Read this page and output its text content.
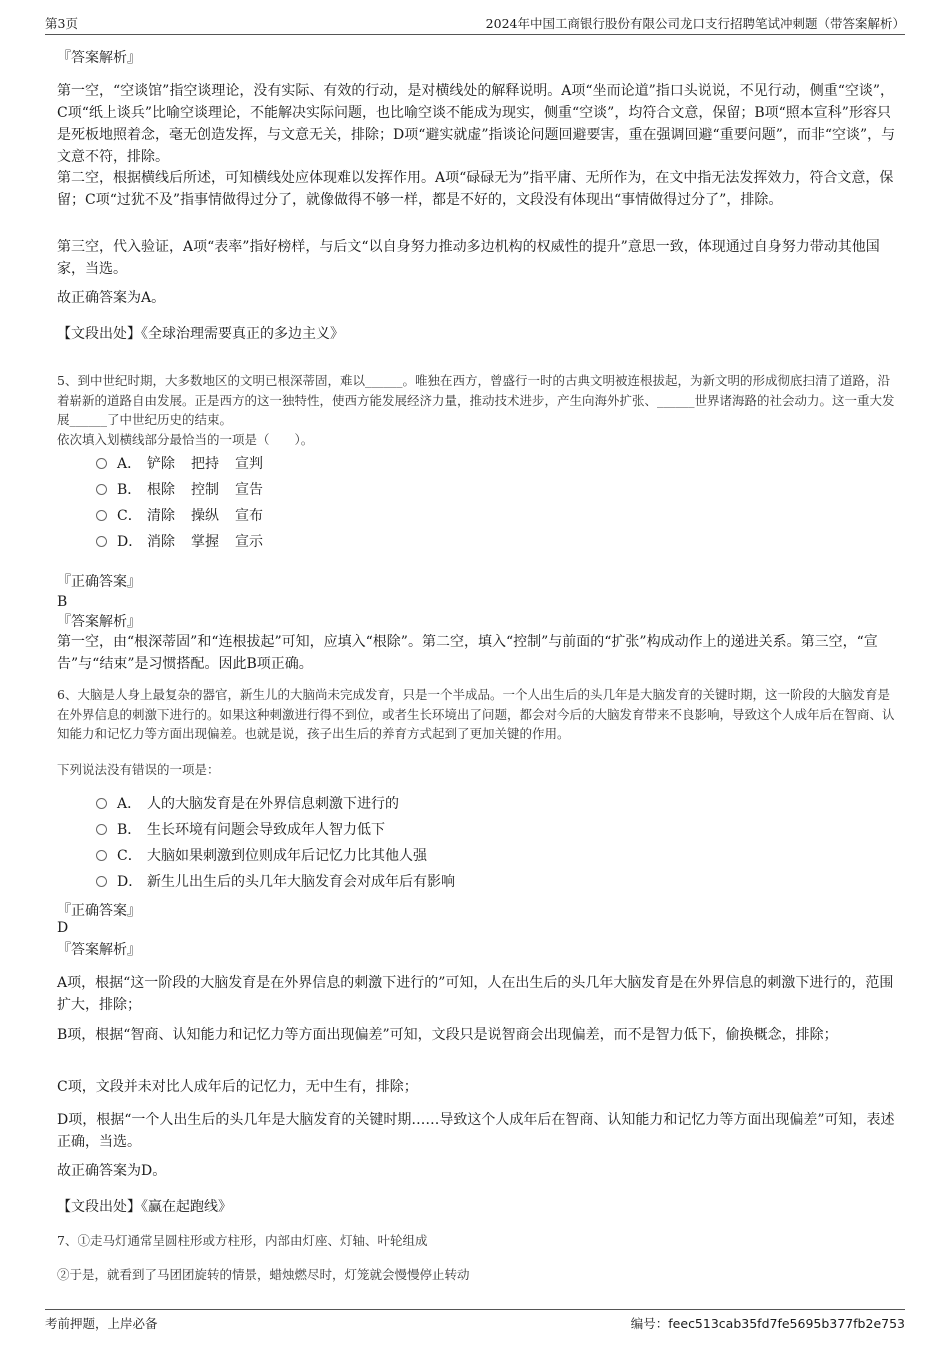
第3页	2024年中国工商银行股份有限公司龙口支行招聘笔试冲刺题（带答案解析）

『答案解析』

第一空，“空谈馆”指空谈理论，没有实际、有效的行动，是对横线处的解释说明。A项“坐而论道”指口头说说，不见行动，侧重“空谈”，C项“纸上谈兵”比喻空谈理论，不能解决实际问题，也比喻空谈不能成为现实，侧重“空谈”，均符合文意，保留；B项“照本宣科”形容只是死板地照着念，毫无创造发挥，与文意无关，排除；D项“避实就虚”指谈论问题回避要害，重在强调回避“重要问题”，而非“空谈”，与文意不符，排除。

第二空，根据横线后所述，可知横线处应体现难以发挥作用。A项“碌碌无为”指平庸、无所作为，在文中指无法发挥效力，符合文意，保留；C项“过犹不及”指事情做得过分了，就像做得不够一样，都是不好的，文段没有体现出“事情做得过分了”，排除。

第三空，代入验证，A项“表率”指好榜样，与后文“以自身努力推动多边机构的权威性的提升”意思一致，体现通过自身努力带动其他国家，当选。

故正确答案为A。

【文段出处】《全球治理需要真正的多边主义》

5、到中世纪时期，大多数地区的文明已根深蒂固，难以______。唯独在西方，曾盛行一时的古典文明被连根拔起，为新文明的形成彻底扫清了道路，沿着崭新的道路自由发展。正是西方的这一独特性，使西方能发展经济力量，推动技术进步，产生向海外扩张、______世界诸海路的社会动力。这一重大发展______了中世纪历史的结束。

依次填入划横线部分最恰当的一项是（　　）。

A． 铲除 把持 宣判
B． 根除 控制 宣告
C． 清除 操纵 宣布
D． 消除 掌握 宣示
『正确答案』
B
『答案解析』

第一空，由“根深蒂固”和“连根拔起”可知，应填入“根除”。第二空，填入“控制”与前面的“扩张”构成动作上的递进关系。第三空，“宣告”与“结束”是习惯搭配。因此B项正确。

6、大脑是人身上最复杂的器官，新生儿的大脑尚未完成发育，只是一个半成品。一个人出生后的头几年是大脑发育的关键时期，这一阶段的大脑发育是在外界信息的刺激下进行的。如果这种刺激进行得不到位，或者生长环境出了问题，都会对今后的大脑发育带来不良影响，导致这个人成年后在智商、认知能力和记忆力等方面出现偏差。也就是说，孩子出生后的养育方式起到了更加关键的作用。

下列说法没有错误的一项是：

A． 人的大脑发育是在外界信息刺激下进行的
B． 生长环境有问题会导致成年人智力低下
C． 大脑如果刺激到位则成年后记忆力比其他人强
D． 新生儿出生后的头几年大脑发育会对成年后有影响
『正确答案』
D
『答案解析』

A项，根据“这一阶段的大脑发育是在外界信息的刺激下进行的”可知，人在出生后的头几年大脑发育是在外界信息的刺激下进行的，范围扩大，排除；

B项，根据“智商、认知能力和记忆力等方面出现偏差”可知，文段只是说智商会出现偏差，而不是智力低下，偷换概念，排除；

C项，文段并未对比人成年后的记忆力，无中生有，排除；

D项，根据“一个人出生后的头几年是大脑发育的关键时期……导致这个人成年后在智商、认知能力和记忆力等方面出现偏差”可知，表述正确，当选。

故正确答案为D。

【文段出处】《赢在起跑线》

7、①走马灯通常呈圆柱形或方柱形，内部由灯座、灯轴、叶轮组成

②于是，就看到了马团团旋转的情景，蜡烛燃尽时，灯笼就会慢慢停止转动

考前押题，上岸必备	编号：feec513cab35fd7fe5695b377fb2e753
